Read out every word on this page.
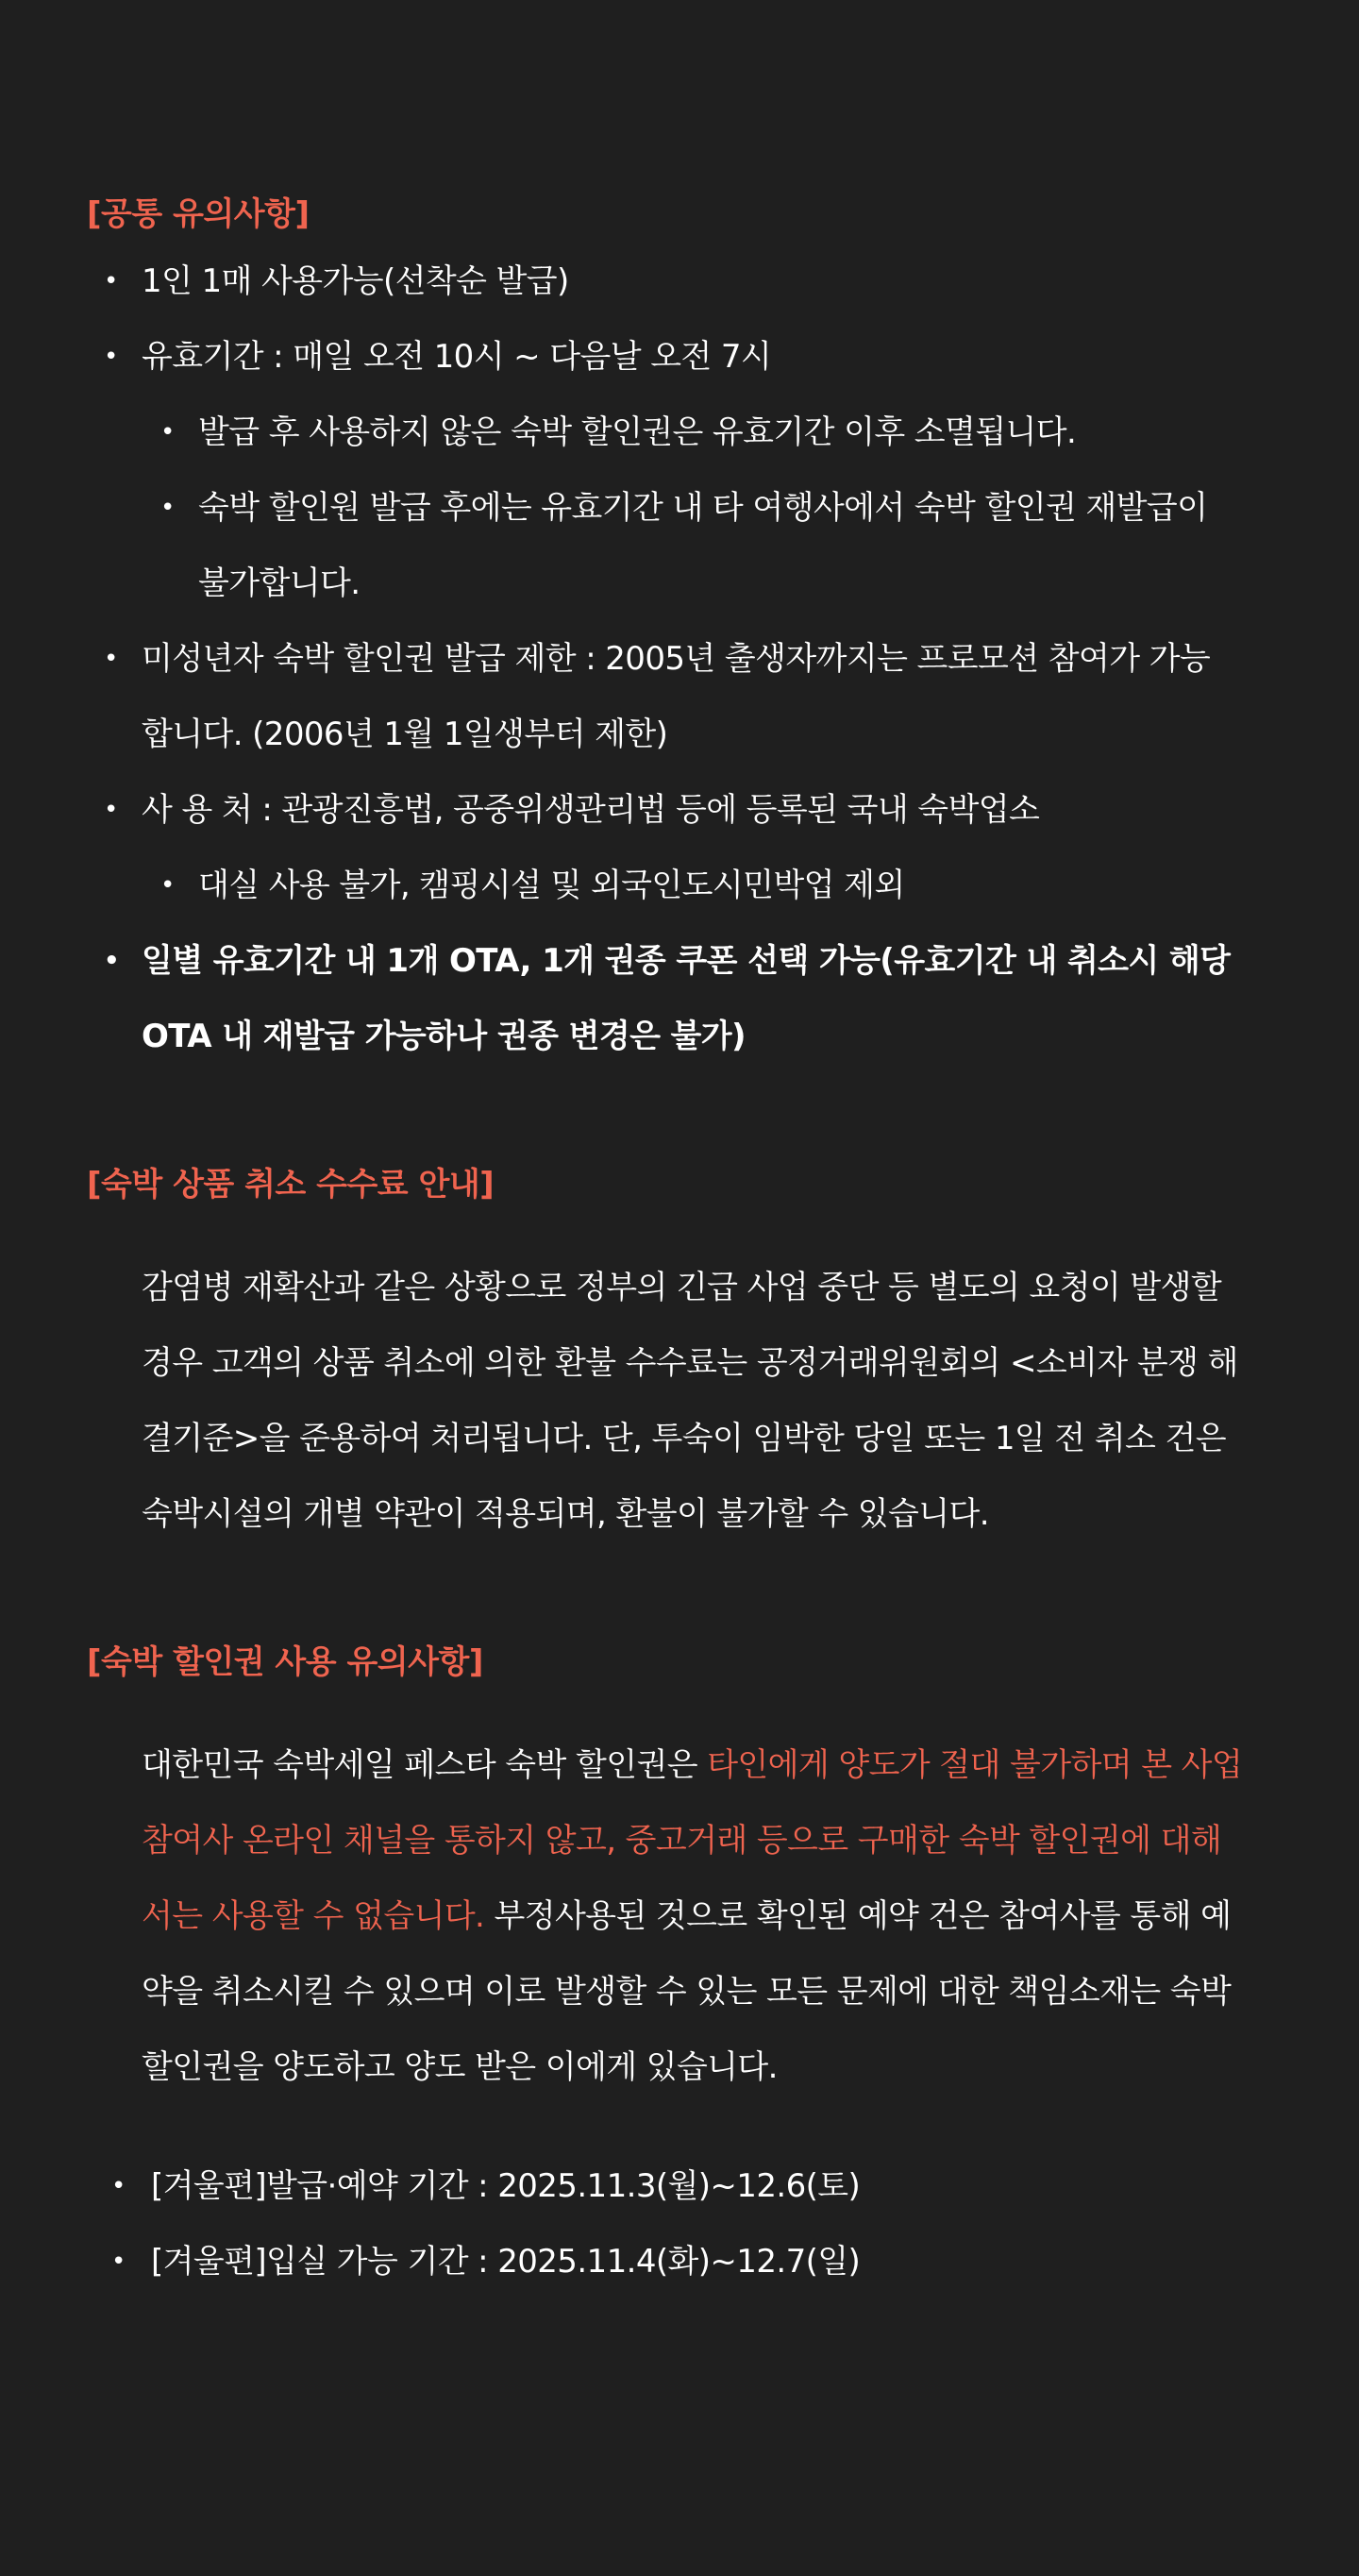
[공통 유의사항]
• 1인 1매 사용가능(선착순 발급)
• 유효기간 : 매일 오전 10시 ~ 다음날 오전 7시
• 발급 후 사용하지 않은 숙박 할인권은 유효기간 이후 소멸됩니다.
• 숙박 할인원 발급 후에는 유효기간 내 타 여행사에서 숙박 할인권 재발급이
불가합니다.
• 미성년자 숙박 할인권 발급 제한 : 2005년 출생자까지는 프로모션 참여가 가능
합니다. (2006년 1월 1일생부터 제한)
• 사 용 처 : 관광진흥법, 공중위생관리법 등에 등록된 국내 숙박업소
• 대실 사용 불가, 캠핑시설 및 외국인도시민박업 제외
• 일별 유효기간 내 1개 OTA, 1개 권종 쿠폰 선택 가능(유효기간 내 취소시 해당
OTA 내 재발급 가능하나 권종 변경은 불가)
[숙박 상품 취소 수수료 안내]

감염병 재확산과 같은 상황으로 정부의 긴급 사업 중단 등 별도의 요청이 발생할

경우 고객의 상품 취소에 의한 환불 수수료는 공정거래위원회의 <소비자 분쟁 해

결기준>을 준용하여 처리됩니다. 단, 투숙이 임박한 당일 또는 1일 전 취소 건은

숙박시설의 개별 약관이 적용되며, 환불이 불가할 수 있습니다.

[숙박 할인권 사용 유의사항]

대한민국 숙박세일 페스타 숙박 할인권은 타인에게 양도가 절대 불가하며 본 사업

참여사 온라인 채널을 통하지 않고, 중고거래 등으로 구매한 숙박 할인권에 대해

서는 사용할 수 없습니다. 부정사용된 것으로 확인된 예약 건은 참여사를 통해 예

약을 취소시킬 수 있으며 이로 발생할 수 있는 모든 문제에 대한 책임소재는 숙박

할인권을 양도하고 양도 받은 이에게 있습니다.

• [겨울편]발급·예약 기간 : 2025.11.3(월)~12.6(토)
• [겨울편]입실 가능 기간 : 2025.11.4(화)~12.7(일)
